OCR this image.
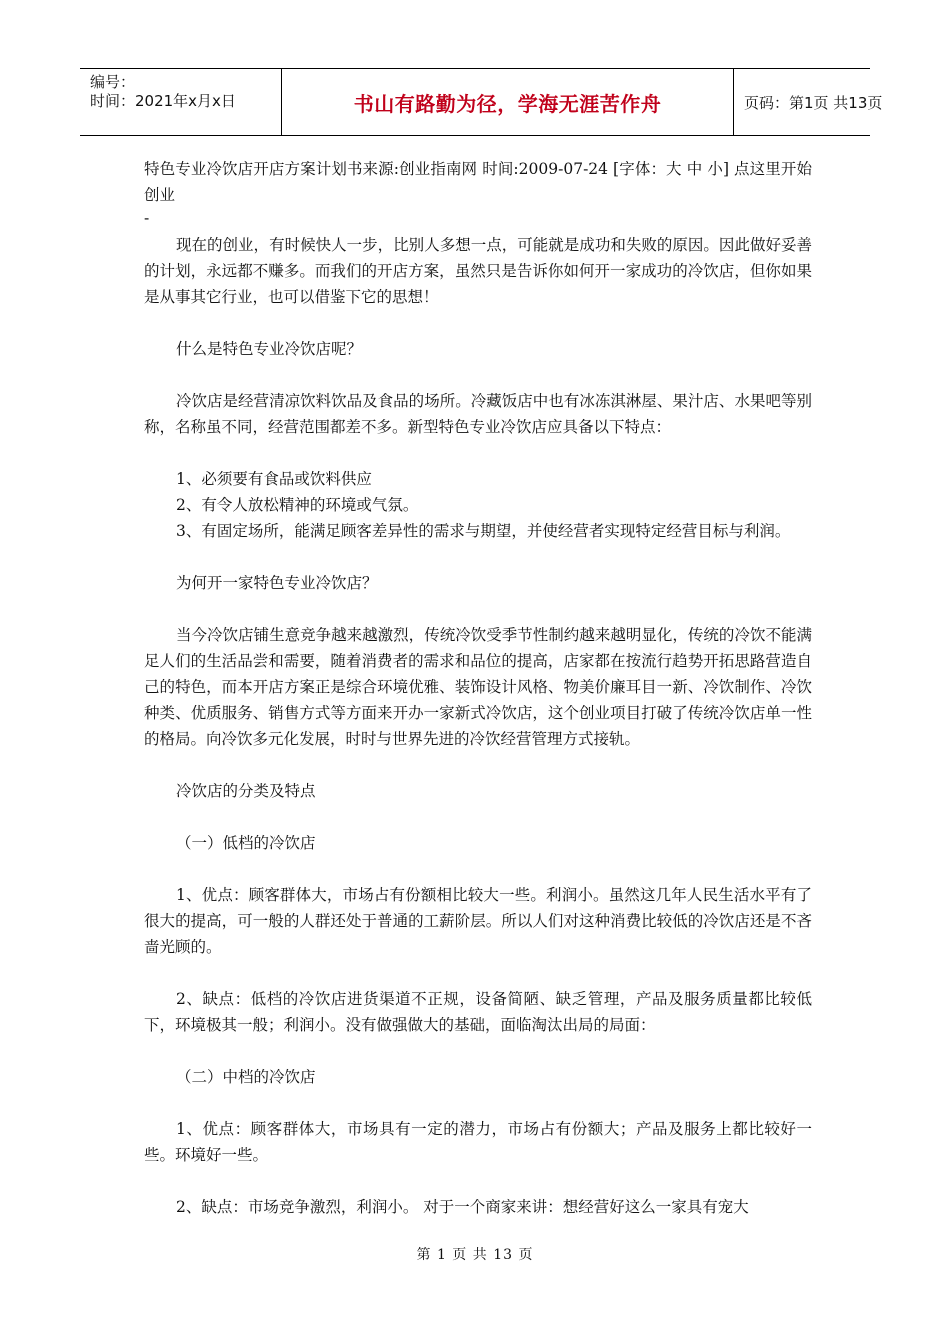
编号：
时间：2021年x月x日	书山有路勤为径，学海无涯苦作舟	页码：第1页 共13页

特色专业冷饮店开店方案计划书来源:创业指南网 时间:2009-07-24 [字体：大 中 小] 点这里开始创业

-

现在的创业，有时候快人一步，比别人多想一点，可能就是成功和失败的原因。因此做好妥善的计划，永远都不赚多。而我们的开店方案，虽然只是告诉你如何开一家成功的冷饮店，但你如果是从事其它行业，也可以借鉴下它的思想！

什么是特色专业冷饮店呢？

冷饮店是经营清凉饮料饮品及食品的场所。冷藏饭店中也有冰冻淇淋屋、果汁店、水果吧等别称，名称虽不同，经营范围都差不多。新型特色专业冷饮店应具备以下特点：

1、必须要有食品或饮料供应

2、有令人放松精神的环境或气氛。

3、有固定场所，能满足顾客差异性的需求与期望，并使经营者实现特定经营目标与利润。

为何开一家特色专业冷饮店？

当今冷饮店铺生意竞争越来越激烈，传统冷饮受季节性制约越来越明显化，传统的冷饮不能满足人们的生活品尝和需要，随着消费者的需求和品位的提高，店家都在按流行趋势开拓思路营造自己的特色，而本开店方案正是综合环境优雅、装饰设计风格、物美价廉耳目一新、冷饮制作、冷饮种类、优质服务、销售方式等方面来开办一家新式冷饮店，这个创业项目打破了传统冷饮店单一性的格局。向冷饮多元化发展，时时与世界先进的冷饮经营管理方式接轨。

冷饮店的分类及特点

（一）低档的冷饮店

1、优点：顾客群体大，市场占有份额相比较大一些。利润小。虽然这几年人民生活水平有了很大的提高，可一般的人群还处于普通的工薪阶层。所以人们对这种消费比较低的冷饮店还是不吝啬光顾的。

2、缺点：低档的冷饮店进货渠道不正规，设备简陋、缺乏管理，产品及服务质量都比较低下，环境极其一般；利润小。没有做强做大的基础，面临淘汰出局的局面：

（二）中档的冷饮店

1、优点：顾客群体大，市场具有一定的潜力，市场占有份额大；产品及服务上都比较好一些。环境好一些。

2、缺点：市场竞争激烈，利润小。 对于一个商家来讲：想经营好这么一家具有宠大

第 1 页 共 13 页
